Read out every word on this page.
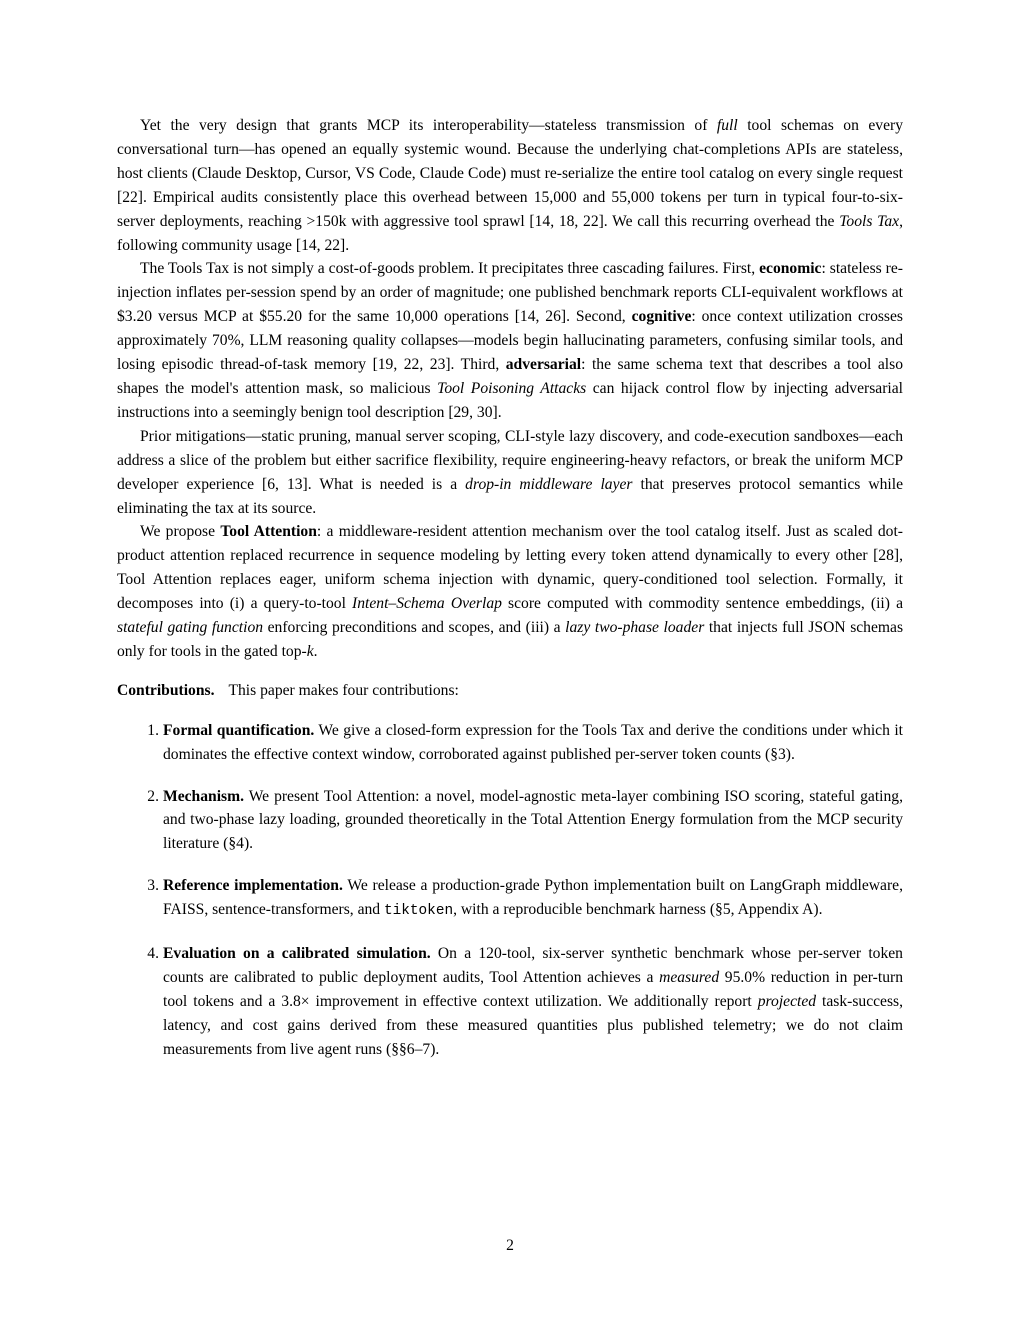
Yet the very design that grants MCP its interoperability—stateless transmission of full tool schemas on every conversational turn—has opened an equally systemic wound. Because the underlying chat-completions APIs are stateless, host clients (Claude Desktop, Cursor, VS Code, Claude Code) must re-serialize the entire tool catalog on every single request [22]. Empirical audits consistently place this overhead between 15,000 and 55,000 tokens per turn in typical four-to-six-server deployments, reaching >150k with aggressive tool sprawl [14, 18, 22]. We call this recurring overhead the Tools Tax, following community usage [14, 22].

The Tools Tax is not simply a cost-of-goods problem. It precipitates three cascading failures. First, economic: stateless re-injection inflates per-session spend by an order of magnitude; one published benchmark reports CLI-equivalent workflows at $3.20 versus MCP at $55.20 for the same 10,000 operations [14, 26]. Second, cognitive: once context utilization crosses approximately 70%, LLM reasoning quality collapses—models begin hallucinating parameters, confusing similar tools, and losing episodic thread-of-task memory [19, 22, 23]. Third, adversarial: the same schema text that describes a tool also shapes the model's attention mask, so malicious Tool Poisoning Attacks can hijack control flow by injecting adversarial instructions into a seemingly benign tool description [29, 30].

Prior mitigations—static pruning, manual server scoping, CLI-style lazy discovery, and code-execution sandboxes—each address a slice of the problem but either sacrifice flexibility, require engineering-heavy refactors, or break the uniform MCP developer experience [6, 13]. What is needed is a drop-in middleware layer that preserves protocol semantics while eliminating the tax at its source.

We propose Tool Attention: a middleware-resident attention mechanism over the tool catalog itself. Just as scaled dot-product attention replaced recurrence in sequence modeling by letting every token attend dynamically to every other [28], Tool Attention replaces eager, uniform schema injection with dynamic, query-conditioned tool selection. Formally, it decomposes into (i) a query-to-tool Intent–Schema Overlap score computed with commodity sentence embeddings, (ii) a stateful gating function enforcing preconditions and scopes, and (iii) a lazy two-phase loader that injects full JSON schemas only for tools in the gated top-k.

Contributions. This paper makes four contributions:

Formal quantification. We give a closed-form expression for the Tools Tax and derive the conditions under which it dominates the effective context window, corroborated against published per-server token counts (§3).
Mechanism. We present Tool Attention: a novel, model-agnostic meta-layer combining ISO scoring, stateful gating, and two-phase lazy loading, grounded theoretically in the Total Attention Energy formulation from the MCP security literature (§4).
Reference implementation. We release a production-grade Python implementation built on LangGraph middleware, FAISS, sentence-transformers, and tiktoken, with a reproducible benchmark harness (§5, Appendix A).
Evaluation on a calibrated simulation. On a 120-tool, six-server synthetic benchmark whose per-server token counts are calibrated to public deployment audits, Tool Attention achieves a measured 95.0% reduction in per-turn tool tokens and a 3.8× improvement in effective context utilization. We additionally report projected task-success, latency, and cost gains derived from these measured quantities plus published telemetry; we do not claim measurements from live agent runs (§§6–7).
2
